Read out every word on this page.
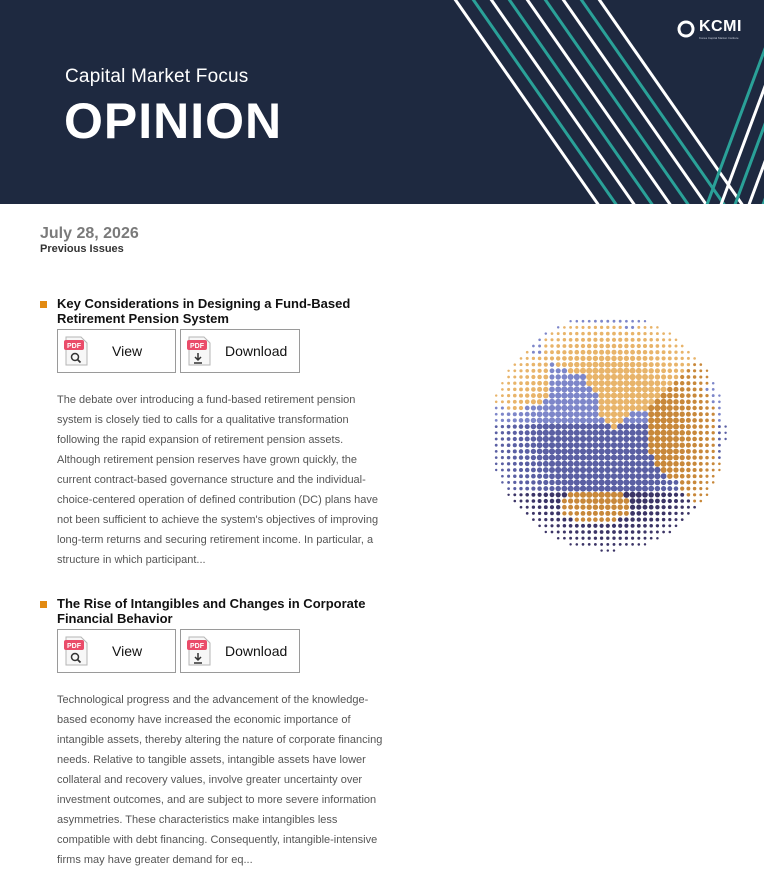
Capital Market Focus
OPINION
KCMI
Korea Capital Market Institute
July 28, 2026
Previous Issues
Key Considerations in Designing a Fund-Based Retirement Pension System
PDF View	PDF Download
The debate over introducing a fund-based retirement pension
system is closely tied to calls for a qualitative transformation
following the rapid expansion of retirement pension assets.
Although retirement pension reserves have grown quickly, the
current contract-based governance structure and the individual-
choice-centered operation of defined contribution (DC) plans have
not been sufficient to achieve the system's objectives of improving
long-term returns and securing retirement income. In particular, a
structure in which participant...
The Rise of Intangibles and Changes in Corporate Financial Behavior
PDF View	PDF Download
Technological progress and the advancement of the knowledge-
based economy have increased the economic importance of
intangible assets, thereby altering the nature of corporate financing
needs. Relative to tangible assets, intangible assets have lower
collateral and recovery values, involve greater uncertainty over
investment outcomes, and are subject to more severe information
asymmetries. These characteristics make intangibles less
compatible with debt financing. Consequently, intangible-intensive
firms may have greater demand for eq...
